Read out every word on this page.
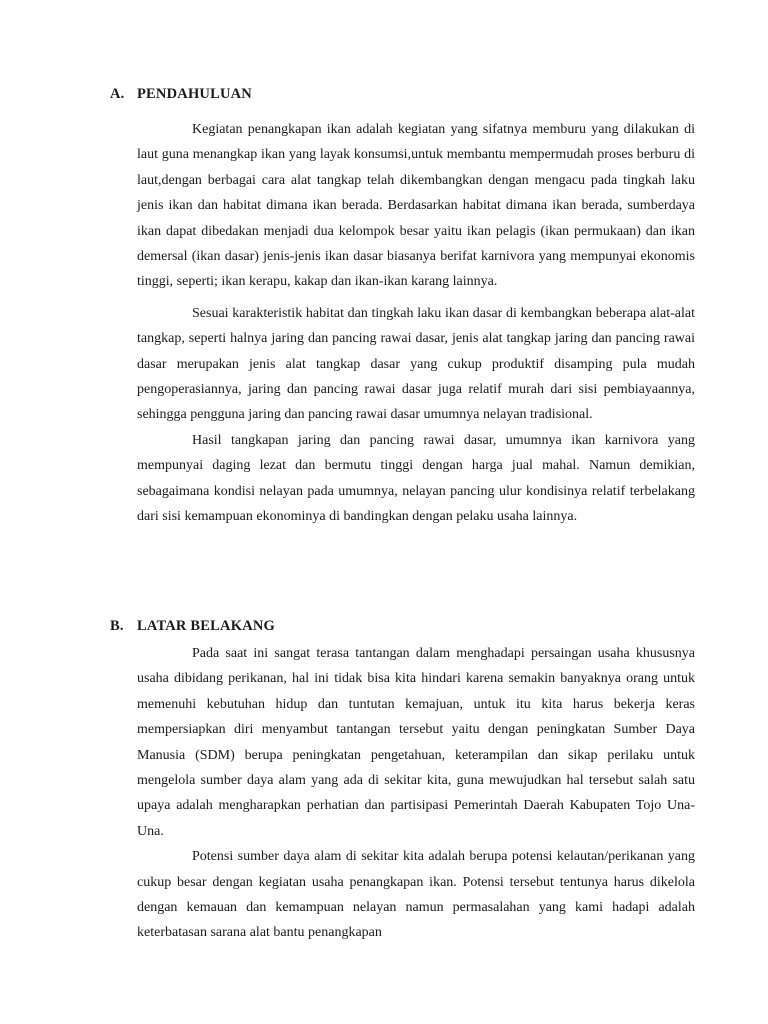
A. PENDAHULUAN

Kegiatan penangkapan ikan adalah kegiatan yang sifatnya memburu yang dilakukan di laut guna menangkap ikan yang layak konsumsi,untuk membantu mempermudah proses berburu di laut,dengan berbagai cara alat tangkap telah dikembangkan dengan mengacu pada tingkah laku jenis ikan dan habitat dimana ikan berada. Berdasarkan habitat dimana ikan berada, sumberdaya ikan dapat dibedakan menjadi dua kelompok besar yaitu ikan pelagis (ikan permukaan) dan ikan demersal (ikan dasar) jenis-jenis ikan dasar biasanya berifat karnivora yang mempunyai ekonomis tinggi, seperti; ikan kerapu, kakap dan ikan-ikan karang lainnya.

Sesuai karakteristik habitat dan tingkah laku ikan dasar di kembangkan beberapa alat-alat tangkap, seperti halnya jaring dan pancing rawai dasar, jenis alat tangkap jaring dan pancing rawai dasar merupakan jenis alat tangkap dasar yang cukup produktif disamping pula mudah pengoperasiannya, jaring dan pancing rawai dasar juga relatif murah dari sisi pembiayaannya, sehingga pengguna jaring dan pancing rawai dasar umumnya nelayan tradisional.

Hasil tangkapan jaring dan pancing rawai dasar, umumnya ikan karnivora yang mempunyai daging lezat dan bermutu tinggi dengan harga jual mahal. Namun demikian, sebagaimana kondisi nelayan pada umumnya, nelayan pancing ulur kondisinya relatif terbelakang dari sisi kemampuan ekonominya di bandingkan dengan pelaku usaha lainnya.

B. LATAR BELAKANG

Pada saat ini sangat terasa tantangan dalam menghadapi persaingan usaha khususnya usaha dibidang perikanan, hal ini tidak bisa kita hindari karena semakin banyaknya orang untuk memenuhi kebutuhan hidup dan tuntutan kemajuan, untuk itu kita harus bekerja keras mempersiapkan diri menyambut tantangan tersebut yaitu dengan peningkatan Sumber Daya Manusia (SDM) berupa peningkatan pengetahuan, keterampilan dan sikap perilaku untuk mengelola sumber daya alam yang ada di sekitar kita, guna mewujudkan hal tersebut salah satu upaya adalah mengharapkan perhatian dan partisipasi Pemerintah Daerah Kabupaten Tojo Una-Una.

Potensi sumber daya alam di sekitar kita adalah berupa potensi kelautan/perikanan yang cukup besar dengan kegiatan usaha penangkapan ikan. Potensi tersebut tentunya harus dikelola dengan kemauan dan kemampuan nelayan namun permasalahan yang kami hadapi adalah keterbatasan sarana alat bantu penangkapan
